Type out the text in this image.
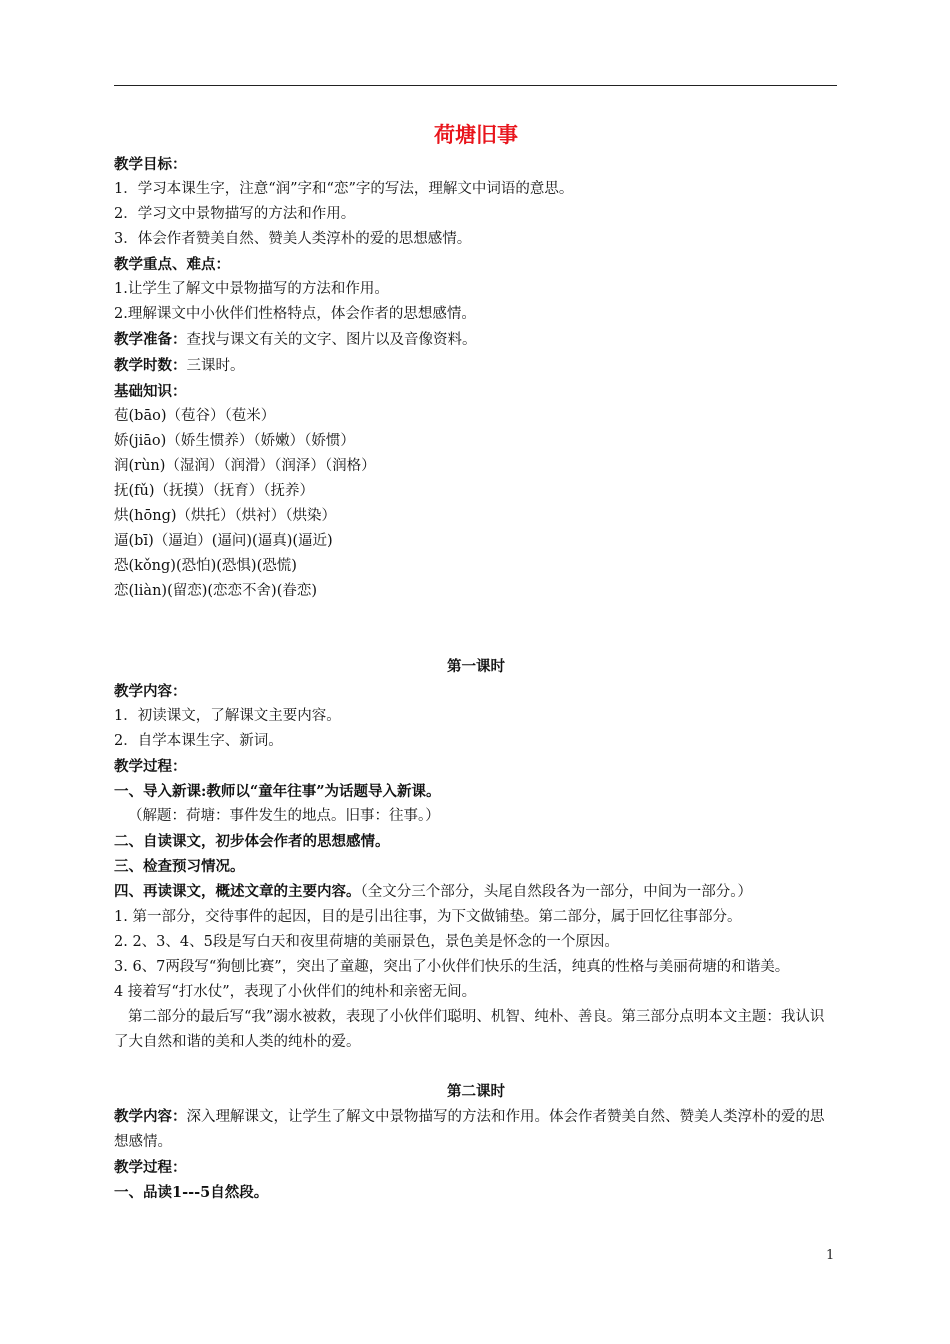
荷塘旧事
教学目标：
1．学习本课生字，注意“润”字和“恋”字的写法，理解文中词语的意思。
2．学习文中景物描写的方法和作用。
3．体会作者赞美自然、赞美人类淳朴的爱的思想感情。
教学重点、难点：
1.让学生了解文中景物描写的方法和作用。
2.理解课文中小伙伴们性格特点，体会作者的思想感情。
教学准备：查找与课文有关的文字、图片以及音像资料。
教学时数：三课时。
基础知识：
苞(bāo)（苞谷）（苞米）
娇(jiāo)（娇生惯养）（娇嫩）（娇惯）
润(rùn)（湿润）（润滑）（润泽）（润格）
抚(fǔ)（抚摸）（抚育）（抚养）
烘(hōng)（烘托）（烘衬）（烘染）
逼(bī)（逼迫）(逼问)(逼真)(逼近)
恐(kǒng)(恐怕)(恐惧)(恐慌)
恋(liàn)(留恋)(恋恋不舍)(眷恋)
第一课时
教学内容：
1．初读课文，了解课文主要内容。
2．自学本课生字、新词。
教学过程：
一、导入新课:教师以“童年往事”为话题导入新课。
（解题：荷塘：事件发生的地点。旧事：往事。）
二、自读课文，初步体会作者的思想感情。
三、检查预习情况。
四、再读课文，概述文章的主要内容。（全文分三个部分，头尾自然段各为一部分，中间为一部分。）
1. 第一部分，交待事件的起因，目的是引出往事，为下文做铺垫。第二部分，属于回忆往事部分。
2. 2、3、4、5段是写白天和夜里荷塘的美丽景色，景色美是怀念的一个原因。
3. 6、7两段写“狗刨比赛”，突出了童趣，突出了小伙伴们快乐的生活，纯真的性格与美丽荷塘的和谐美。
4 接着写“打水仗”，表现了小伙伴们的纯朴和亲密无间。
第二部分的最后写“我”溺水被救，表现了小伙伴们聪明、机智、纯朴、善良。第三部分点明本文主题：我认识了大自然和谐的美和人类的纯朴的爱。
第二课时
教学内容：深入理解课文，让学生了解文中景物描写的方法和作用。体会作者赞美自然、赞美人类淳朴的爱的思想感情。
教学过程：
一、品读1---5自然段。
1
